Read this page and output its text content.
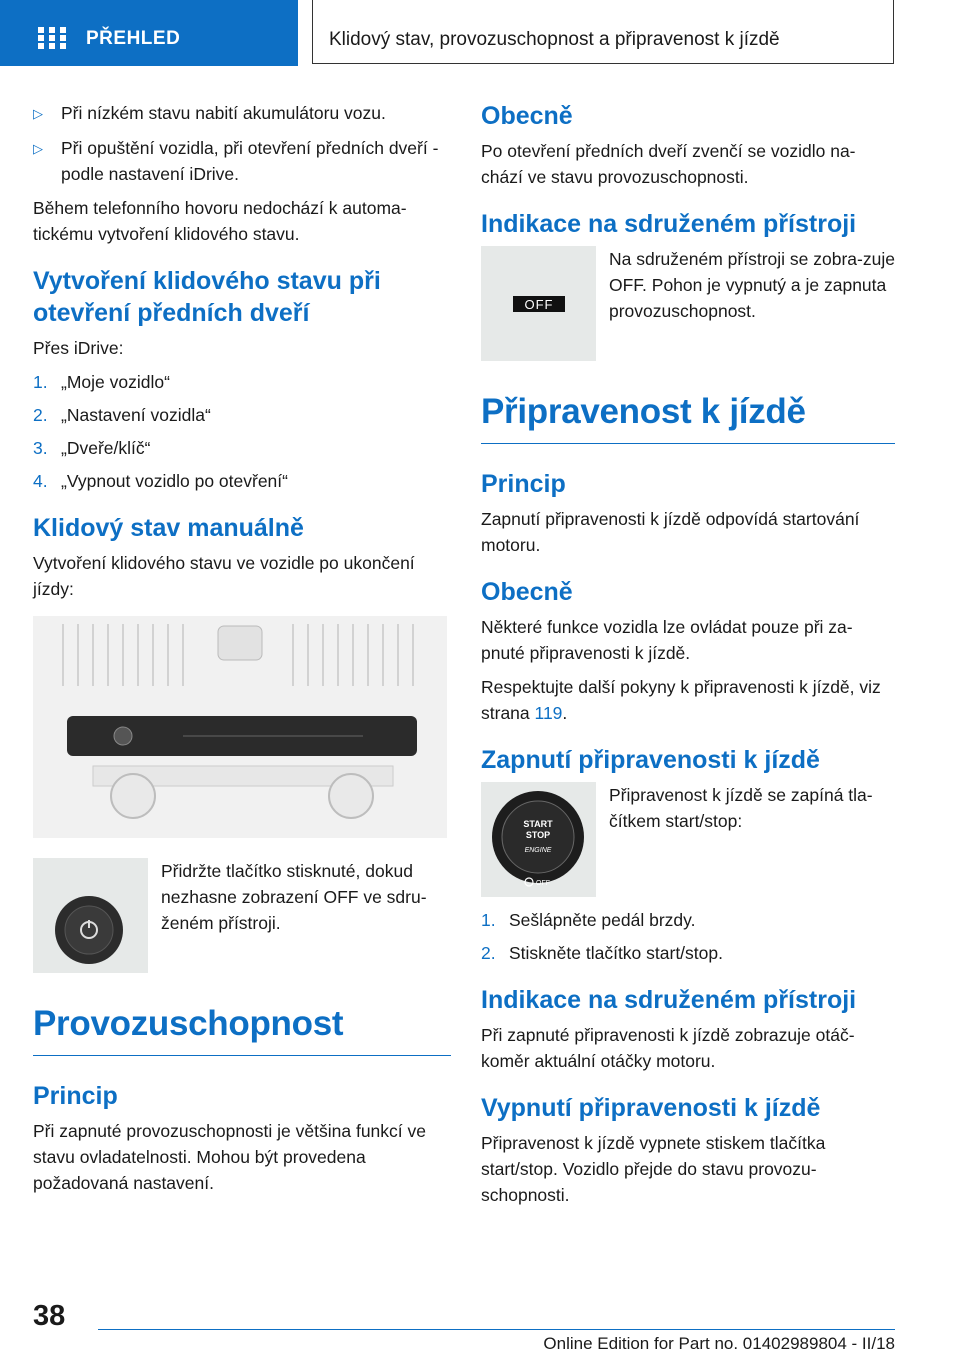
PŘEHLED	Klidový stav, provozuschopnost a připravenost k jízdě
▷	Při nízkém stavu nabití akumulátoru vozu.
▷	Při opuštění vozidla, při otevření předních dveří - podle nastavení iDrive.

Během telefonního hovoru nedochází k automa‐tickému vytvoření klidového stavu.

Vytvoření klidového stavu při otevření předních dveří

Přes iDrive:

1. „Moje vozidlo“
2. „Nastavení vozidla“
3. „Dveře/klíč“
4. „Vypnout vozidlo po otevření“
Klidový stav manuálně

Vytvoření klidového stavu ve vozidle po ukončení jízdy:

Přidržte tlačítko stisknuté, dokud nezhasne zobrazení OFF ve sdru‐ženém přístroji.

Provozuschopnost
Princip

Při zapnuté provozuschopnosti je většina funkcí ve stavu ovladatelnosti. Mohou být provedena požadovaná nastavení.

Obecně

Po otevření předních dveří zvenčí se vozidlo na‐chází ve stavu provozuschopnosti.

Indikace na sdruženém přístroji
OFF

Na sdruženém přístroji se zobra‐zuje OFF. Pohon je vypnutý a je zapnuta provozuschopnost.

Připravenost k jízdě
Princip

Zapnutí připravenosti k jízdě odpovídá startování motoru.

Obecně

Některé funkce vozidla lze ovládat pouze při za‐pnuté připravenosti k jízdě.

Respektujte další pokyny k připravenosti k jízdě, viz strana 119.

Zapnutí připravenosti k jízdě
START
STOP
ENGINE
OFF

Připravenost k jízdě se zapíná tla‐čítkem start/stop:

1. Sešlápněte pedál brzdy.
2. Stiskněte tlačítko start/stop.
Indikace na sdruženém přístroji

Při zapnuté připravenosti k jízdě zobrazuje otáč‐koměr aktuální otáčky motoru.

Vypnutí připravenosti k jízdě

Připravenost k jízdě vypnete stiskem tlačítka start/stop. Vozidlo přejde do stavu provozu‐schopnosti.

38
Online Edition for Part no. 01402989804 - II/18
